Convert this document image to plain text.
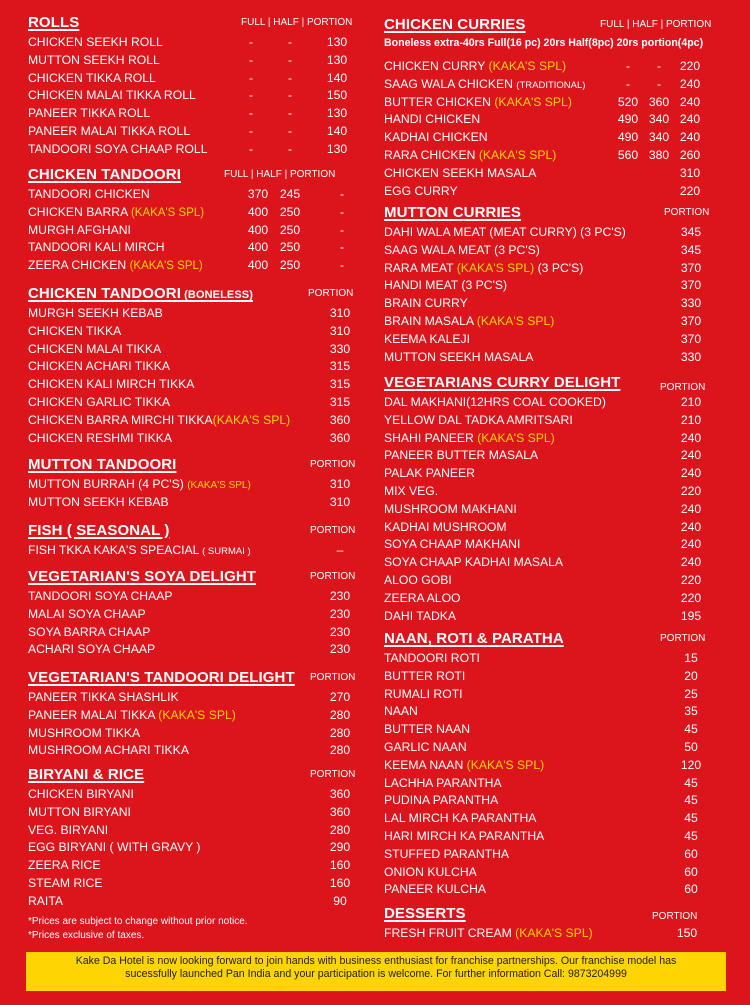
ROLLS	FULL | HALF | PORTION
CHICKEN SEEKH ROLL	-	-	130
MUTTON SEEKH ROLL	-	-	130
CHICKEN TIKKA ROLL	-	-	140
CHICKEN MALAI TIKKA ROLL	-	-	150
PANEER TIKKA ROLL	-	-	130
PANEER MALAI TIKKA ROLL	-	-	140
TANDOORI SOYA CHAAP ROLL	-	-	130
CHICKEN TANDOORI	FULL | HALF | PORTION
TANDOORI CHICKEN	370 245	-
CHICKEN BARRA (KAKA'S SPL)	400 250	-
MURGH AFGHANI	400 250	-
TANDOORI KALI MIRCH	400 250	-
ZEERA CHICKEN (KAKA'S SPL)	400 250	-
CHICKEN TANDOORI (BONELESS)	PORTION
MURGH SEEKH KEBAB	310
CHICKEN TIKKA	310
CHICKEN MALAI TIKKA	330
CHICKEN ACHARI TIKKA	315
CHICKEN KALI MIRCH TIKKA	315
CHICKEN GARLIC TIKKA	315
CHICKEN BARRA MIRCHI TIKKA(KAKA'S SPL)	360
CHICKEN RESHMI TIKKA	360
MUTTON TANDOORI	PORTION
MUTTON BURRAH (4 PC'S) (KAKA'S SPL)	310
MUTTON SEEKH KEBAB	310
FISH ( SEASONAL )	PORTION
FISH TKKA KAKA'S SPEACIAL ( SURMAI )	–
VEGETARIAN'S SOYA DELIGHT	PORTION
TANDOORI SOYA CHAAP	230
MALAI SOYA CHAAP	230
SOYA BARRA CHAAP	230
ACHARI SOYA CHAAP	230
VEGETARIAN'S TANDOORI DELIGHT PORTION
PANEER TIKKA SHASHLIK	270
PANEER MALAI TIKKA (KAKA'S SPL)	280
MUSHROOM TIKKA	280
MUSHROOM ACHARI TIKKA	280
BIRYANI & RICE	PORTION
CHICKEN BIRYANI	360
MUTTON BIRYANI	360
VEG. BIRYANI	280
EGG BIRYANI ( WITH GRAVY )	290
ZEERA RICE	160
STEAM RICE	160
RAITA	90
*Prices are subject to change without prior notice.
*Prices exclusive of taxes.
CHICKEN CURRIES	FULL | HALF | PORTION
Boneless extra-40rs Full(16 pc) 20rs Half(8pc) 20rs portion(4pc)
CHICKEN CURRY (KAKA'S SPL)	-	-	220
SAAG WALA CHICKEN (TRADITIONAL)	-	-	240
BUTTER CHICKEN (KAKA'S SPL)	520 360 240
HANDI CHICKEN	490 340 240
KADHAI CHICKEN	490 340 240
RARA CHICKEN (KAKA'S SPL)	560 380 260
CHICKEN SEEKH MASALA	310
EGG CURRY	220
MUTTON CURRIES	PORTION
DAHI WALA MEAT (MEAT CURRY) (3 PC'S)	345
SAAG WALA MEAT (3 PC'S)	345
RARA MEAT (KAKA'S SPL) (3 PC'S)	370
HANDI MEAT (3 PC'S)	370
BRAIN CURRY	330
BRAIN MASALA (KAKA'S SPL)	370
KEEMA KALEJI	370
MUTTON SEEKH MASALA	330
VEGETARIANS CURRY DELIGHT	PORTION
DAL MAKHANI(12HRS COAL COOKED)	210
YELLOW DAL TADKA AMRITSARI	210
SHAHI PANEER (KAKA'S SPL)	240
PANEER BUTTER MASALA	240
PALAK PANEER	240
MIX VEG.	220
MUSHROOM MAKHANI	240
KADHAI MUSHROOM	240
SOYA CHAAP MAKHANI	240
SOYA CHAAP KADHAI MASALA	240
ALOO GOBI	220
ZEERA ALOO	220
DAHI TADKA	195
NAAN, ROTI & PARATHA	PORTION
TANDOORI ROTI	15
BUTTER ROTI	20
RUMALI ROTI	25
NAAN	35
BUTTER NAAN	45
GARLIC NAAN	50
KEEMA NAAN (KAKA'S SPL)	120
LACHHA PARANTHA	45
PUDINA PARANTHA	45
LAL MIRCH KA PARANTHA	45
HARI MIRCH KA PARANTHA	45
STUFFED PARANTHA	60
ONION KULCHA	60
PANEER KULCHA	60
DESSERTS	PORTION
FRESH FRUIT CREAM (KAKA'S SPL)	150
Kake Da Hotel is now looking forward to join hands with business enthusiast for franchise partnerships. Our franchise model has
sucessfully launched Pan India and your participation is welcome. For further information Call: 9873204999
